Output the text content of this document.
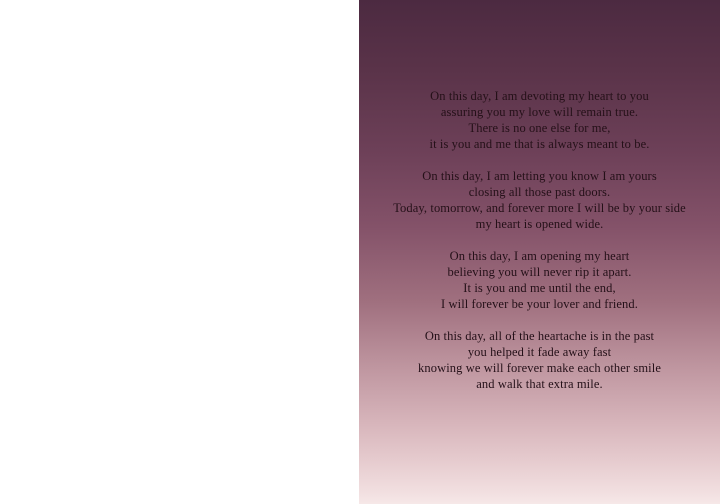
On this day, I am devoting my heart to you
assuring you my love will remain true.
There is no one else for me,
it is you and me that is always meant to be.
On this day, I am letting you know I am yours
closing all those past doors.
Today, tomorrow, and forever more I will be by your side
my heart is opened wide.
On this day, I am opening my heart
believing you will never rip it apart.
It is you and me until the end,
I will forever be your lover and friend.
On this day, all of the heartache is in the past
you helped it fade away fast
knowing we will forever make each other smile
and walk that extra mile.
